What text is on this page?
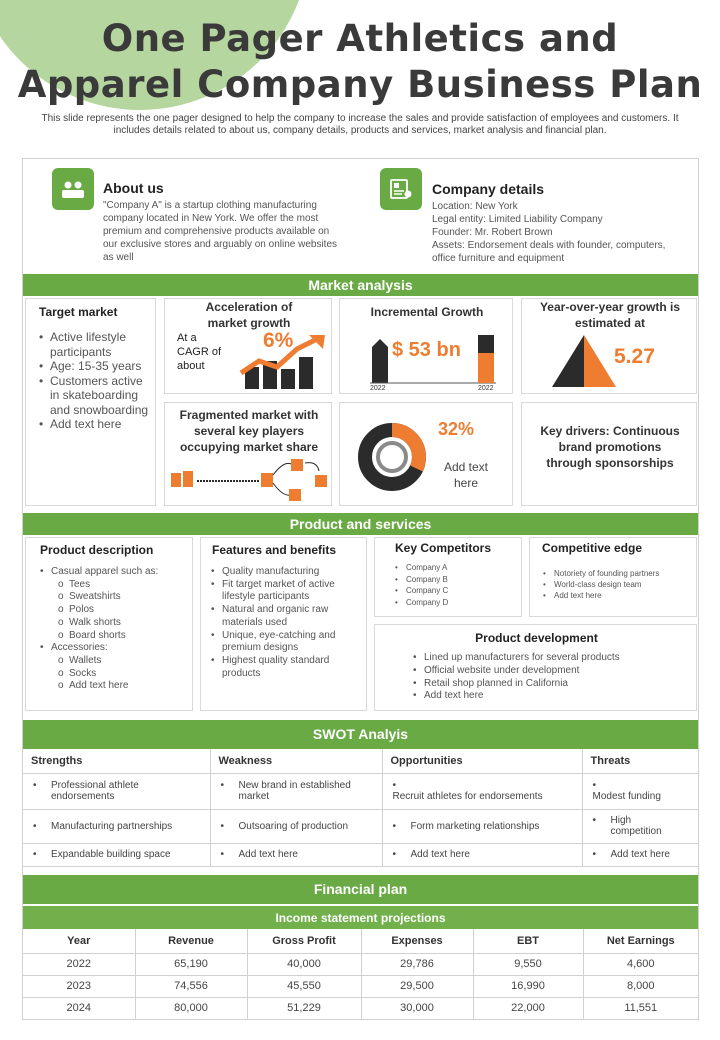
One Pager Athletics and
Apparel Company Business Plan
This slide represents the one pager designed to help the company to increase the sales and provide satisfaction of employees and customers. It includes details related to about us, company details, products and services, market analysis and financial plan.
About us
"Company A" is a startup clothing manufacturing company located in New York. We offer the most premium and comprehensive products available on our exclusive stores and arguably on online websites as well
Company details
Location: New York
Legal entity: Limited Liability Company
Founder: Mr. Robert Brown
Assets: Endorsement deals with founder, computers, office furniture and equipment
Market analysis
Target market
• Active lifestyle participants
• Age: 15-35 years
• Customers active in skateboarding and snowboarding
• Add text here
Acceleration of market growth
At a CAGR of about
6%
Incremental Growth
$ 53 bn
2022	2022
Year-over-year growth is estimated at
5.27
Fragmented market with several key players occupying market share
32%
Add text here
Key drivers: Continuous brand promotions through sponsorships
Product and services
Product description
• Casual apparel such as:
o Tees
o Sweatshirts
o Polos
o Walk shorts
o Board shorts
• Accessories:
o Wallets
o Socks
o Add text here
Features and benefits
• Quality manufacturing
• Fit target market of active lifestyle participants
• Natural and organic raw materials used
• Unique, eye-catching and premium designs
• Highest quality standard products
Key Competitors
• Company A
• Company B
• Company C
• Company D
Competitive edge
• Notoriety of founding partners
• World-class design team
• Add text here
Product development
• Lined up manufacturers for several products
• Official website under development
• Retail shop planned in California
• Add text here
SWOT Analyis
Strengths	Weakness	Opportunities	Threats
• Professional athlete endorsements	• New brand in established market	•Recruit athletes for endorsements	•Modest funding
• Manufacturing partnerships	• Outsoaring of production	• Form marketing relationships	• High competition
• Expandable building space	• Add text here	• Add text here	• Add text here
Financial plan
Income statement projections
Year	Revenue	Gross Profit	Expenses	EBT	Net Earnings
2022	65,190	40,000	29,786	9,550	4,600
2023	74,556	45,550	29,500	16,990	8,000
2024	80,000	51,229	30,000	22,000	11,551
